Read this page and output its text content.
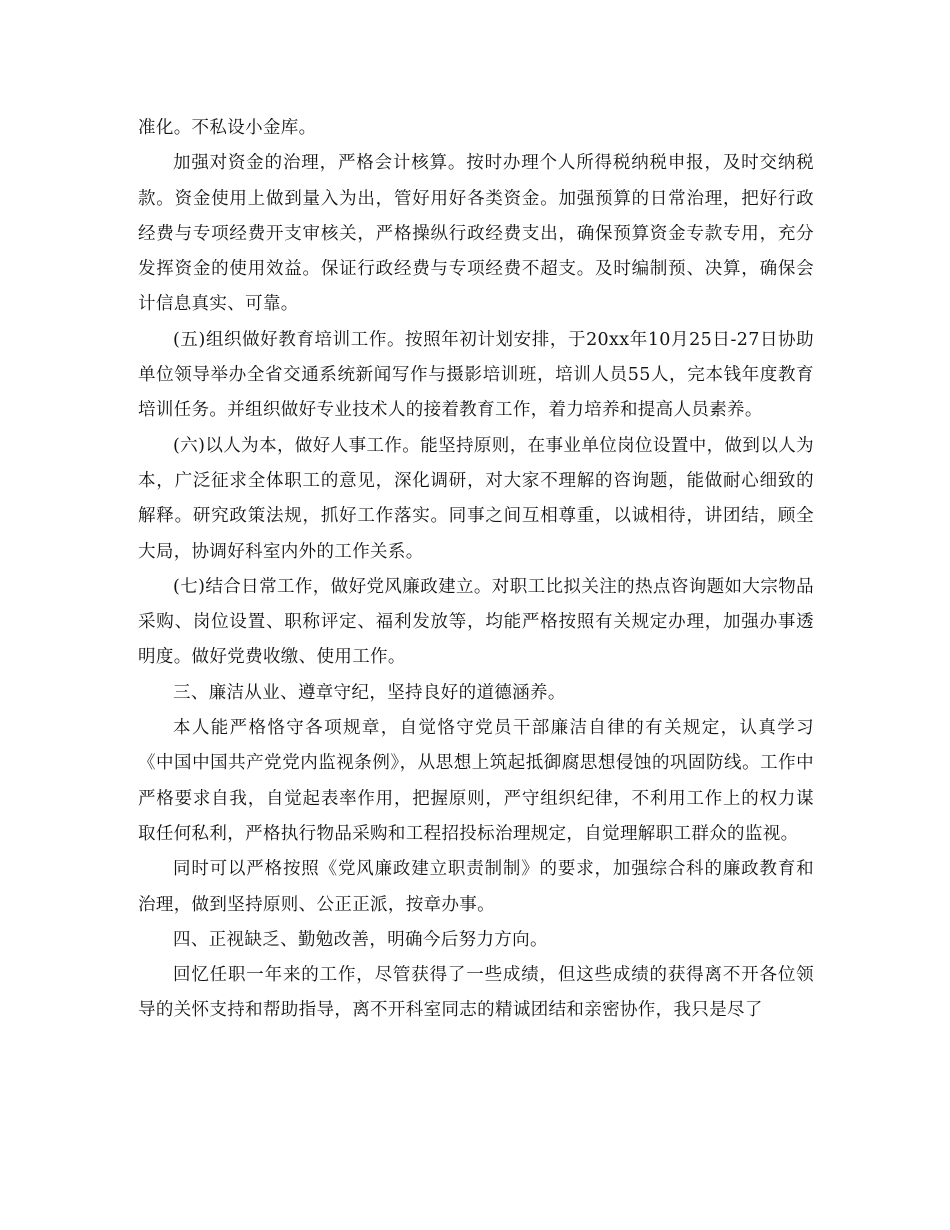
准化。不私设小金库。

加强对资金的治理，严格会计核算。按时办理个人所得税纳税申报，及时交纳税款。资金使用上做到量入为出，管好用好各类资金。加强预算的日常治理，把好行政经费与专项经费开支审核关，严格操纵行政经费支出，确保预算资金专款专用，充分发挥资金的使用效益。保证行政经费与专项经费不超支。及时编制预、决算，确保会计信息真实、可靠。

(五)组织做好教育培训工作。按照年初计划安排，于20xx年10月25日-27日协助单位领导举办全省交通系统新闻写作与摄影培训班，培训人员55人，完本钱年度教育培训任务。并组织做好专业技术人的接着教育工作，着力培养和提高人员素养。

(六)以人为本，做好人事工作。能坚持原则，在事业单位岗位设置中，做到以人为本，广泛征求全体职工的意见，深化调研，对大家不理解的咨询题，能做耐心细致的解释。研究政策法规，抓好工作落实。同事之间互相尊重，以诚相待，讲团结，顾全大局，协调好科室内外的工作关系。

(七)结合日常工作，做好党风廉政建立。对职工比拟关注的热点咨询题如大宗物品采购、岗位设置、职称评定、福利发放等，均能严格按照有关规定办理，加强办事透明度。做好党费收缴、使用工作。

三、廉洁从业、遵章守纪，坚持良好的道德涵养。

本人能严格恪守各项规章，自觉恪守党员干部廉洁自律的有关规定，认真学习《中国中国共产党党内监视条例》，从思想上筑起抵御腐思想侵蚀的巩固防线。工作中严格要求自我，自觉起表率作用，把握原则，严守组织纪律，不利用工作上的权力谋取任何私利，严格执行物品采购和工程招投标治理规定，自觉理解职工群众的监视。

同时可以严格按照《党风廉政建立职责制制》的要求，加强综合科的廉政教育和治理，做到坚持原则、公正正派，按章办事。

四、正视缺乏、勤勉改善，明确今后努力方向。

回忆任职一年来的工作，尽管获得了一些成绩，但这些成绩的获得离不开各位领导的关怀支持和帮助指导，离不开科室同志的精诚团结和亲密协作，我只是尽了
